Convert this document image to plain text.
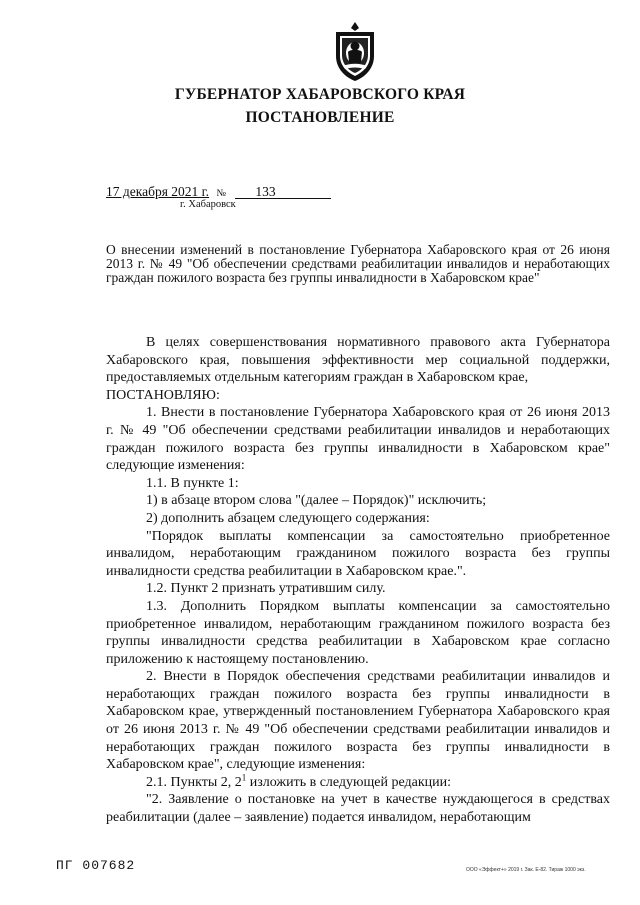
ГУБЕРНАТОР ХАБАРОВСКОГО КРАЯ
ПОСТАНОВЛЕНИЕ
17 декабря 2021 г. № 133
г. Хабаровск
О внесении изменений в постановление Губернатора Хабаровского края от 26 июня 2013 г. № 49 "Об обеспечении средствами реабилитации инвалидов и неработающих граждан пожилого возраста без группы инвалидности в Хабаровском крае"

В целях совершенствования нормативного правового акта Губернатора Хабаровского края, повышения эффективности мер социальной поддержки, предоставляемых отдельным категориям граждан в Хабаровском крае,

ПОСТАНОВЛЯЮ:

1. Внести в постановление Губернатора Хабаровского края от 26 июня 2013 г. № 49 "Об обеспечении средствами реабилитации инвалидов и неработающих граждан пожилого возраста без группы инвалидности в Хабаровском крае" следующие изменения:

1.1. В пункте 1:

1) в абзаце втором слова "(далее – Порядок)" исключить;

2) дополнить абзацем следующего содержания:

"Порядок выплаты компенсации за самостоятельно приобретенное инвалидом, неработающим гражданином пожилого возраста без группы инвалидности средства реабилитации в Хабаровском крае.".

1.2. Пункт 2 признать утратившим силу.

1.3. Дополнить Порядком выплаты компенсации за самостоятельно приобретенное инвалидом, неработающим гражданином пожилого возраста без группы инвалидности средства реабилитации в Хабаровском крае согласно приложению к настоящему постановлению.

2. Внести в Порядок обеспечения средствами реабилитации инвалидов и неработающих граждан пожилого возраста без группы инвалидности в Хабаровском крае, утвержденный постановлением Губернатора Хабаровского края от 26 июня 2013 г. № 49 "Об обеспечении средствами реабилитации инвалидов и неработающих граждан пожилого возраста без группы инвалидности в Хабаровском крае", следующие изменения:

2.1. Пункты 2, $2^1$ изложить в следующей редакции:

"2. Заявление о постановке на учет в качестве нуждающегося в средствах реабилитации (далее – заявление) подается инвалидом, неработающим

ПГ 007682	ООО «Эффект+» 2019 г. Зак. Е-82. Тираж 1000 экз.
